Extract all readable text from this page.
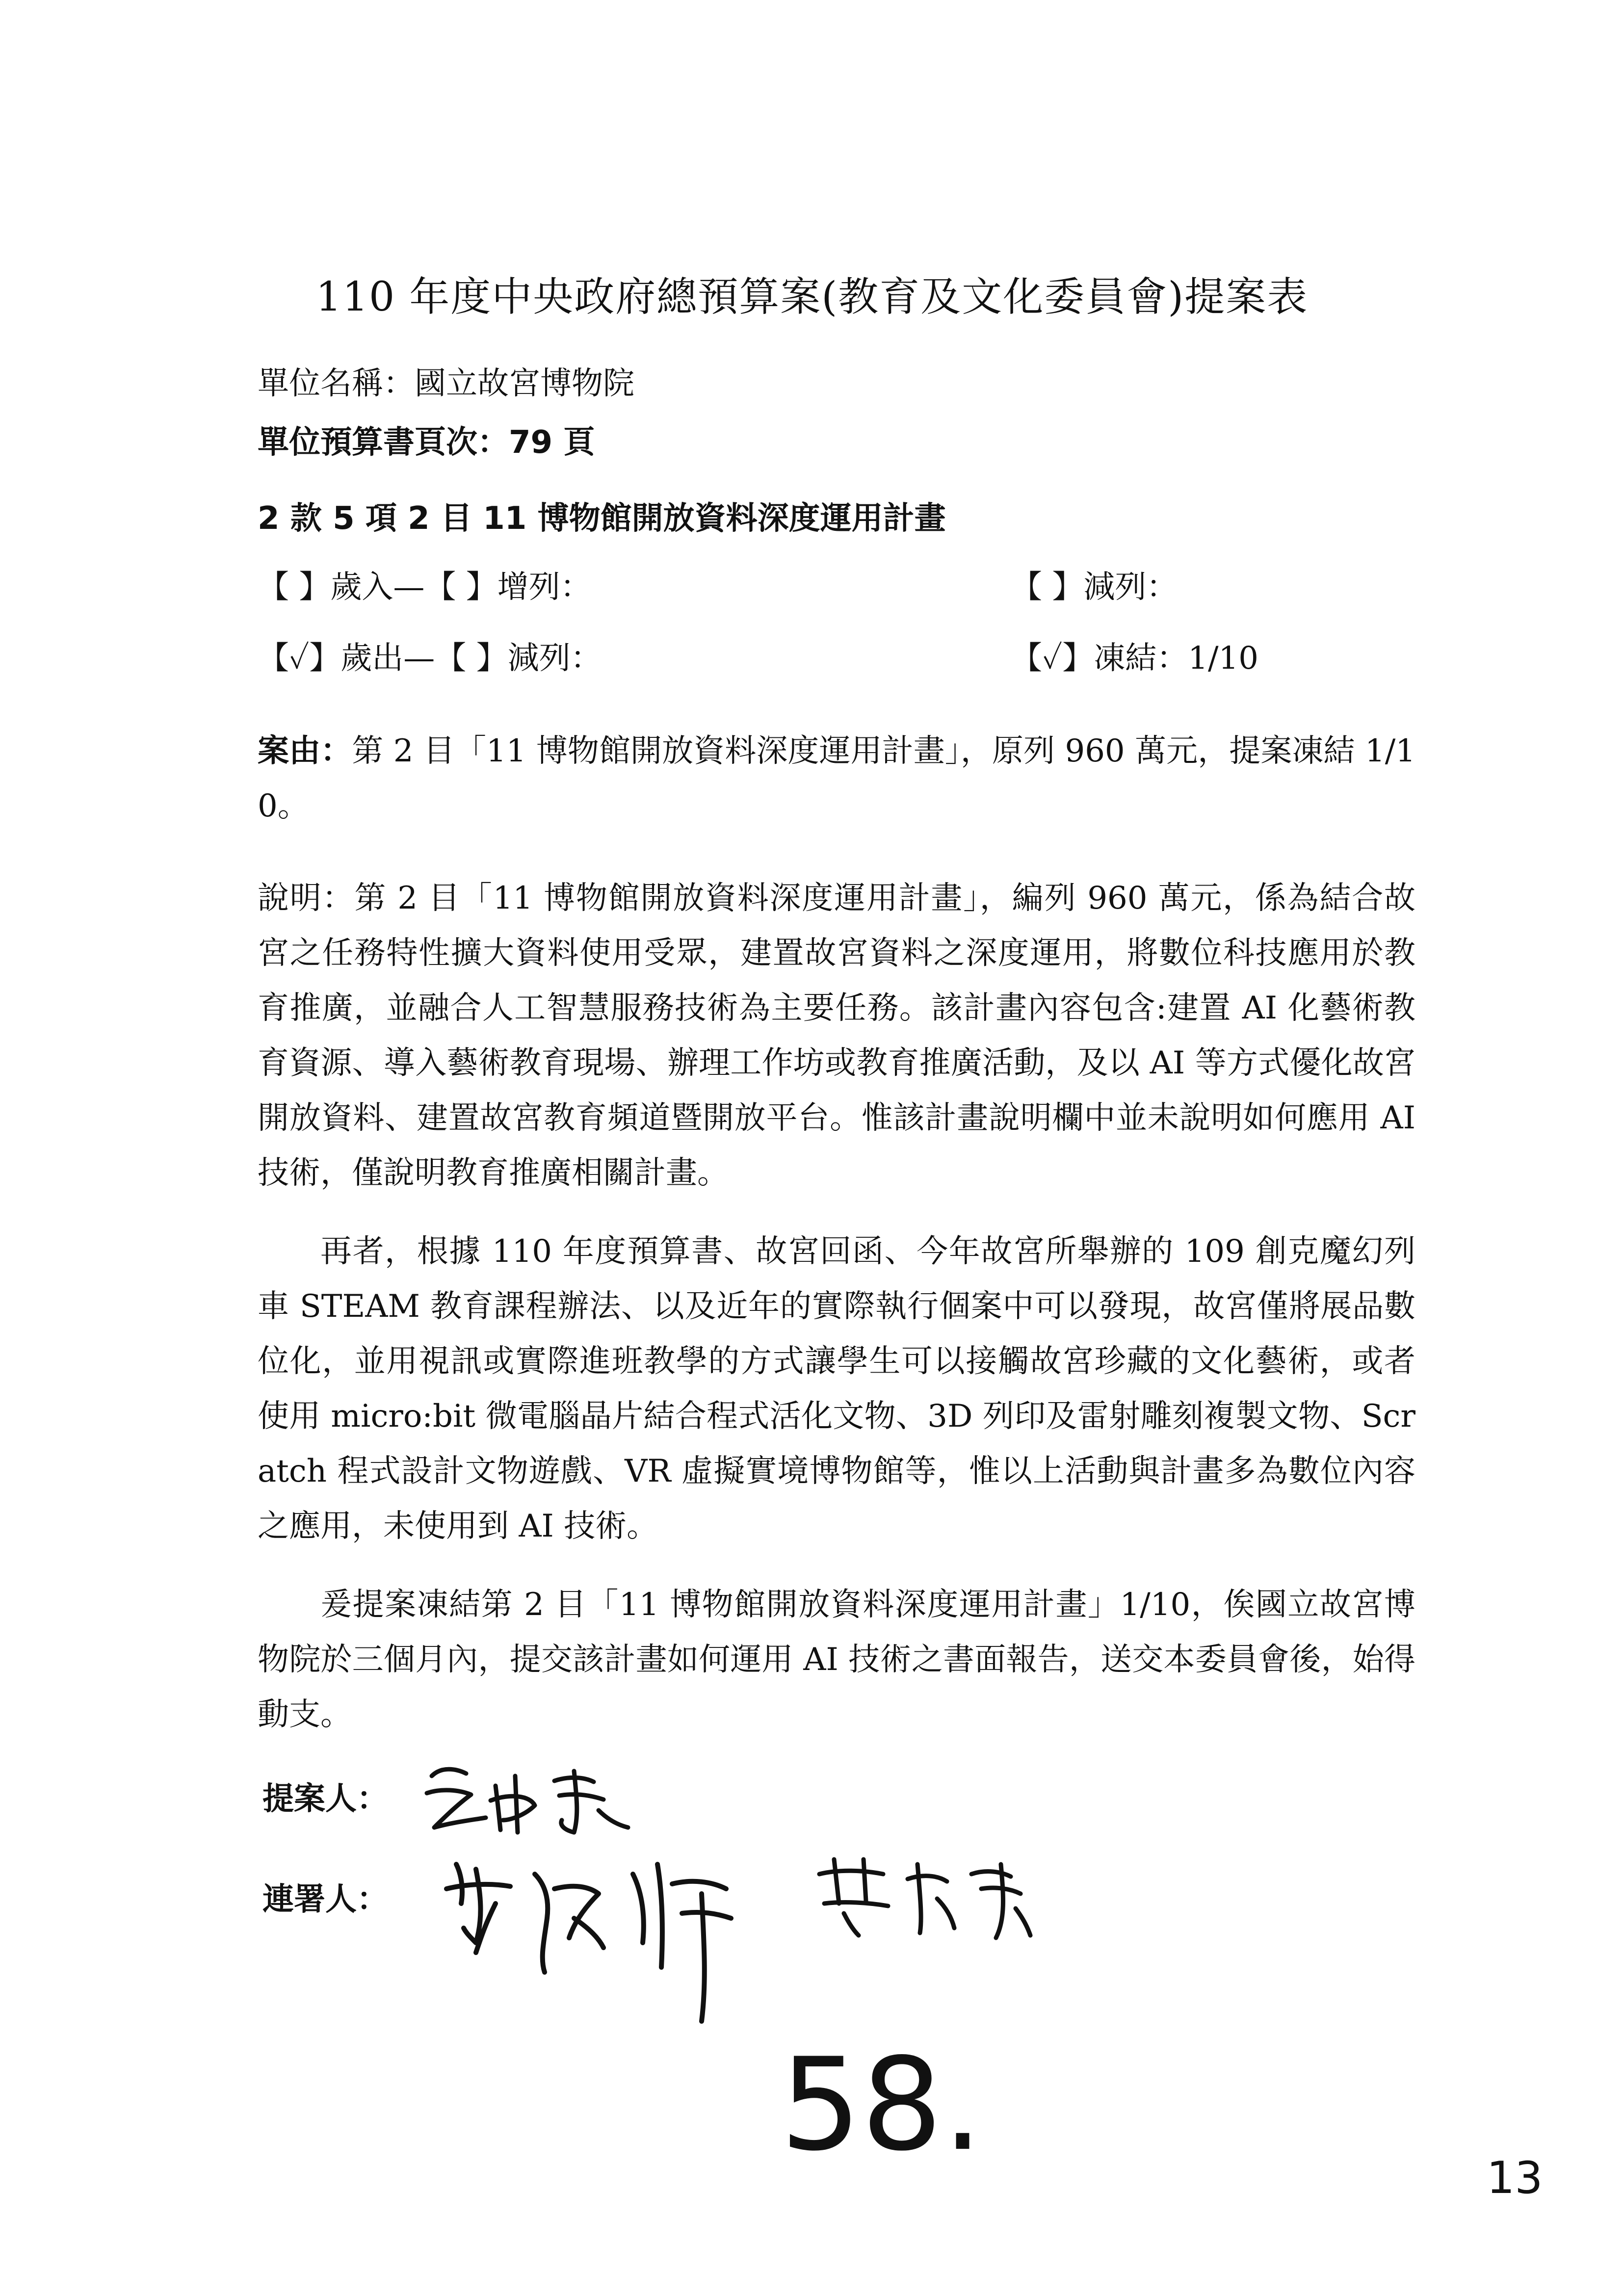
110 年度中央政府總預算案(教育及文化委員會)提案表
單位名稱：國立故宮博物院
單位預算書頁次：79 頁
2 款 5 項 2 目 11 博物館開放資料深度運用計畫
【 】歲入—【 】增列：	【 】減列：
【✓】歲出—【 】減列：	【✓】凍結：1/10
案由：第 2 目「11 博物館開放資料深度運用計畫」，原列 960 萬元，提案凍結 1/10。
說明：第 2 目「11 博物館開放資料深度運用計畫」，編列 960 萬元，係為結合故宮之任務特性擴大資料使用受眾，建置故宮資料之深度運用，將數位科技應用於教育推廣，並融合人工智慧服務技術為主要任務。該計畫內容包含:建置 AI 化藝術教育資源、導入藝術教育現場、辦理工作坊或教育推廣活動，及以 AI 等方式優化故宮開放資料、建置故宮教育頻道暨開放平台。惟該計畫說明欄中並未說明如何應用 AI 技術，僅說明教育推廣相關計畫。
再者，根據 110 年度預算書、故宮回函、今年故宮所舉辦的 109 創克魔幻列車 STEAM 教育課程辦法、以及近年的實際執行個案中可以發現，故宮僅將展品數位化，並用視訊或實際進班教學的方式讓學生可以接觸故宮珍藏的文化藝術，或者使用 micro:bit 微電腦晶片結合程式活化文物、3D 列印及雷射雕刻複製文物、Scratch 程式設計文物遊戲、VR 虛擬實境博物館等，惟以上活動與計畫多為數位內容之應用，未使用到 AI 技術。
爰提案凍結第 2 目「11 博物館開放資料深度運用計畫」1/10，俟國立故宮博物院於三個月內，提交該計畫如何運用 AI 技術之書面報告，送交本委員會後，始得動支。
提案人：
連署人：
58.	13
